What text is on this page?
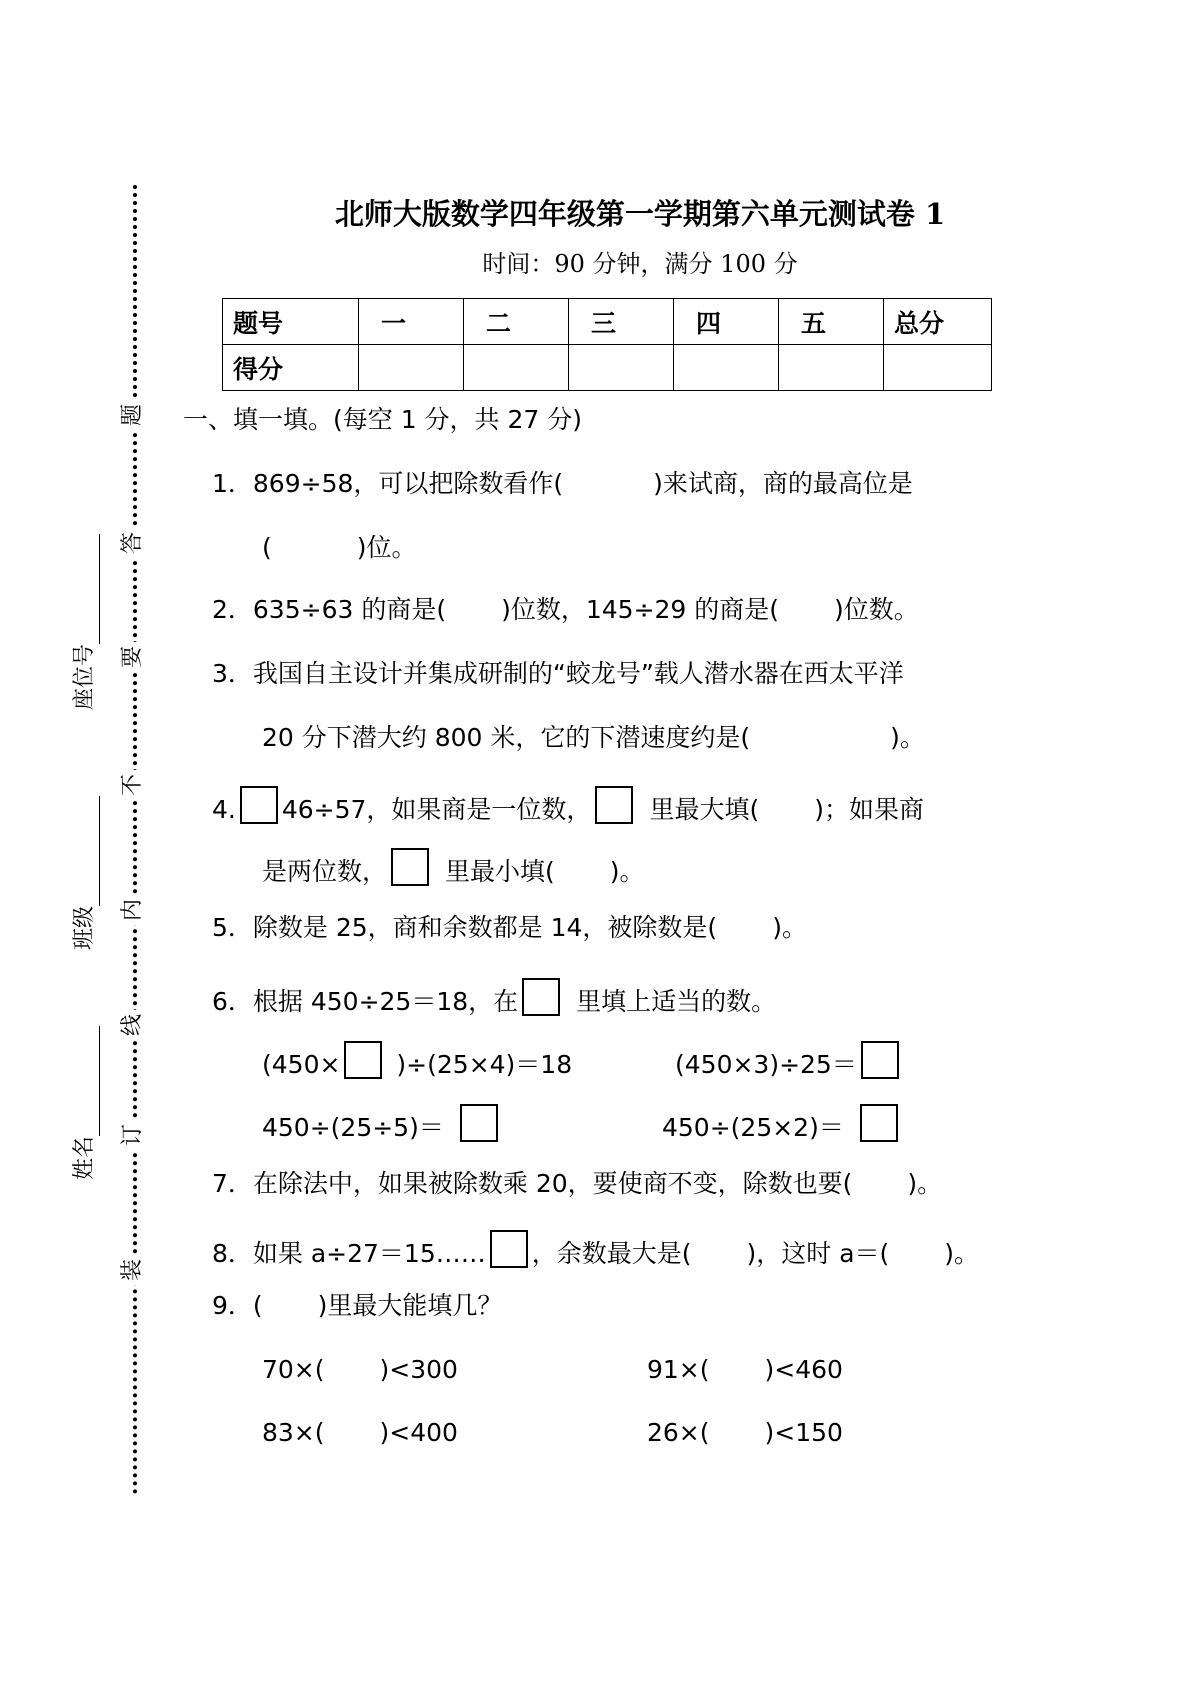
题
答
要
不
内
线
订
装
座位号
班级
姓名
北师大版数学四年级第一学期第六单元测试卷 1
时间：90 分钟，满分 100 分
题号	一	二	三	四	五	总分
得分						
一、填一填。(每空 1 分，共 27 分)
1．869÷58，可以把除数看作(	)来试商，商的最高位是
(	)位。
2．635÷63 的商是( )位数，145÷29 的商是( )位数。
3．我国自主设计并集成研制的“蛟龙号”载人潜水器在西太平洋
20 分下潜大约 800 米，它的下潜速度约是(	)。
4. 46÷57，如果商是一位数， 里最大填( )；如果商
是两位数， 里最小填( )。
5．除数是 25，商和余数都是 14，被除数是( )。
6．根据 450÷25＝18，在 里填上适当的数。
(450× )÷(25×4)＝18	(450×3)÷25＝
450÷(25÷5)＝	450÷(25×2)＝
7．在除法中，如果被除数乘 20，要使商不变，除数也要( )。
8．如果 a÷27＝15…… ，余数最大是( )，这时 a＝( )。
9．( )里最大能填几？
70×( )<300	91×( )<460
83×( )<400	26×( )<150
